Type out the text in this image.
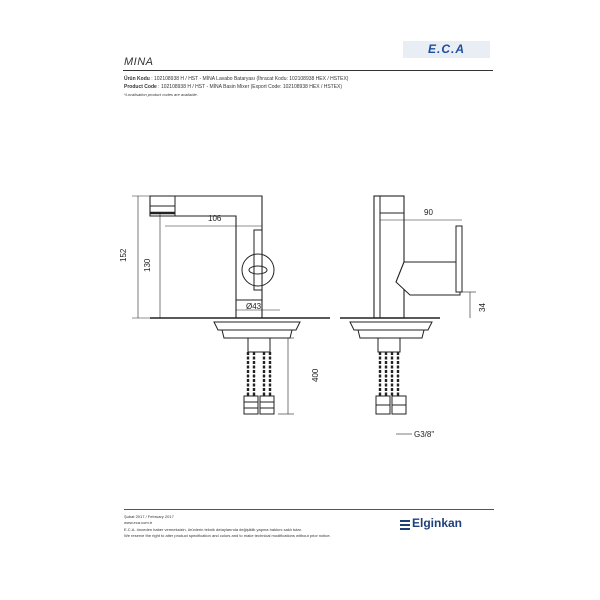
E.C.A
MINA
Ürün Kodu : 102108938 H / HST - MİNA Lavabo Bataryası (İhracat Kodu: 102108938 HEX / HSTEX)
Product Code : 102108938 H / HST - MİNA Basin Mixer (Export Code: 102108938 HEX / HSTEX)
*Localisation product codes are available.
152
130
106
Ø43
90
34
400
G3/8"
Şubat 2017 / February 2017
www.eca.com.tr
E.C.A. önceden haber vermeksizin, ürünlerin teknik detaylarında değişiklik yapma hakkını saklı tutar.
We reserve the right to alter product specification and colors and to make technical modifications without prior notice.
Elginkan
